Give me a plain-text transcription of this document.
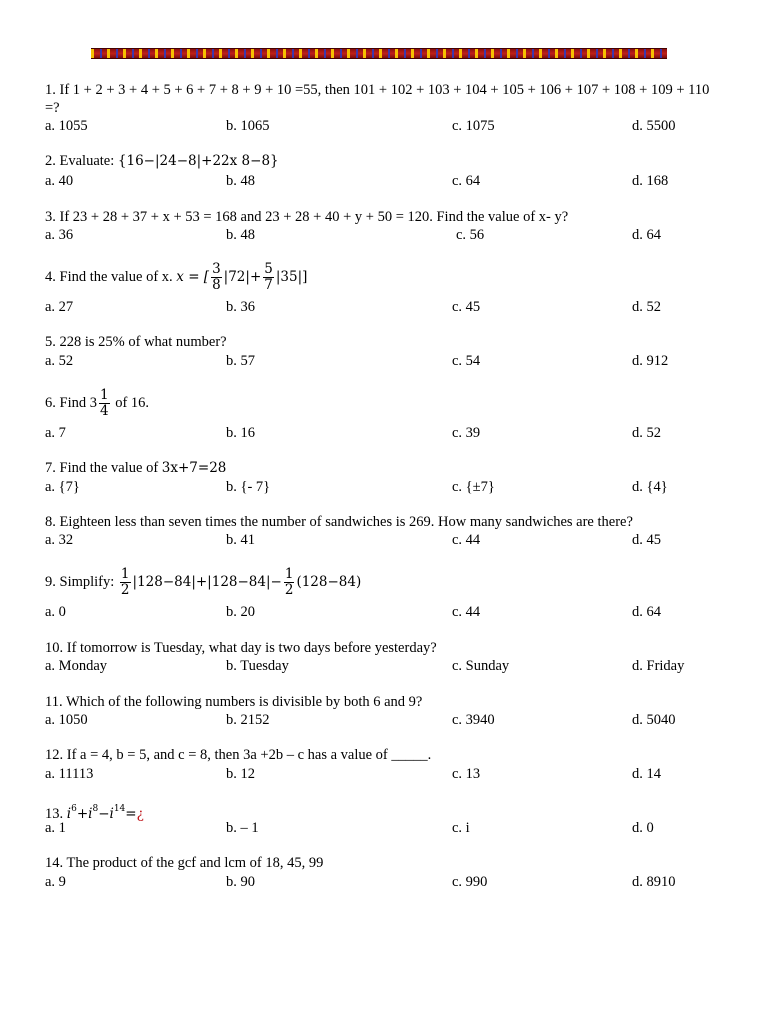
1. If 1 + 2 + 3 + 4 + 5 + 6 + 7 + 8 + 9 + 10 =55, then 101 + 102 + 103 + 104 + 105 + 106 + 107 + 108 + 109 + 110 =?
a. 1055	b. 1065	c. 1075	d. 5500
2. Evaluate: {16−|24−8|+22x 8−8}
a. 40	b. 48	c. 64	d. 168
3. If 23 + 28 + 37 + x + 53 = 168 and 23 + 28 + 40 + y + 50 = 120. Find the value of x- y?
a. 36	b. 48	c. 56	d. 64
4. Find the value of x. x = [ $\frac{3}{8} |72|+ \frac{5}{7} |35|$]
a. 27	b. 36	c. 45	d. 52
5. 228 is 25% of what number?
a. 52	b. 57	c. 54	d. 912
6. Find $3 \frac{1}{4}$ of 16.
a. 7	b. 16	c. 39	d. 52
7. Find the value of 3x+7=28
a. {7}	b. {- 7}	c. {±7}	d. {4}
8. Eighteen less than seven times the number of sandwiches is 269. How many sandwiches are there?
a. 32	b. 41	c. 44	d. 45
9. Simplify: $\frac{1}{2} |128-84|+|128-84|- \frac{1}{2} (128-84)$
a. 0	b. 20	c. 44	d. 64
10. If tomorrow is Tuesday, what day is two days before yesterday?
a. Monday	b. Tuesday	c. Sunday	d. Friday
11. Which of the following numbers is divisible by both 6 and 9?
a. 1050	b. 2152	c. 3940	d. 5040
12. If a = 4, b = 5, and c = 8, then 3a +2b – c has a value of _____.
a. 11113	b. 12	c. 13	d. 14
13. $i^6+i^8-i^{14}=¿$
a. 1	b. – 1	c. i	d. 0
14. The product of the gcf and lcm of 18, 45, 99
a. 9	b. 90	c. 990	d. 8910
